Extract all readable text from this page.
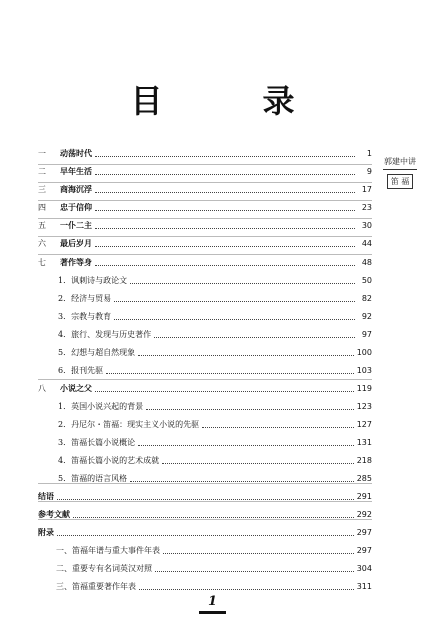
目　录
一	动荡时代	1
二	早年生活	9
三	商海沉浮	17
四	忠于信仰	23
五	一仆二主	30
六	最后岁月	44
七	著作等身	48
1．讽刺诗与政论文	50
2．经济与贸易	82
3．宗教与教育	92
4．旅行、发现与历史著作	97
5．幻想与超自然现象	100
6．报刊先驱	103
八	小说之父	119
1．英国小说兴起的背景	123
2．丹尼尔・笛福：现实主义小说的先驱	127
3．笛福长篇小说概论	131
4．笛福长篇小说的艺术成就	218
5．笛福的语言风格	285
结语	291
参考文献	292
附录	297
一、笛福年谱与重大事件年表	297
二、重要专有名词英汉对照	304
三、笛福重要著作年表	311
郭建中讲
笛 福
1
